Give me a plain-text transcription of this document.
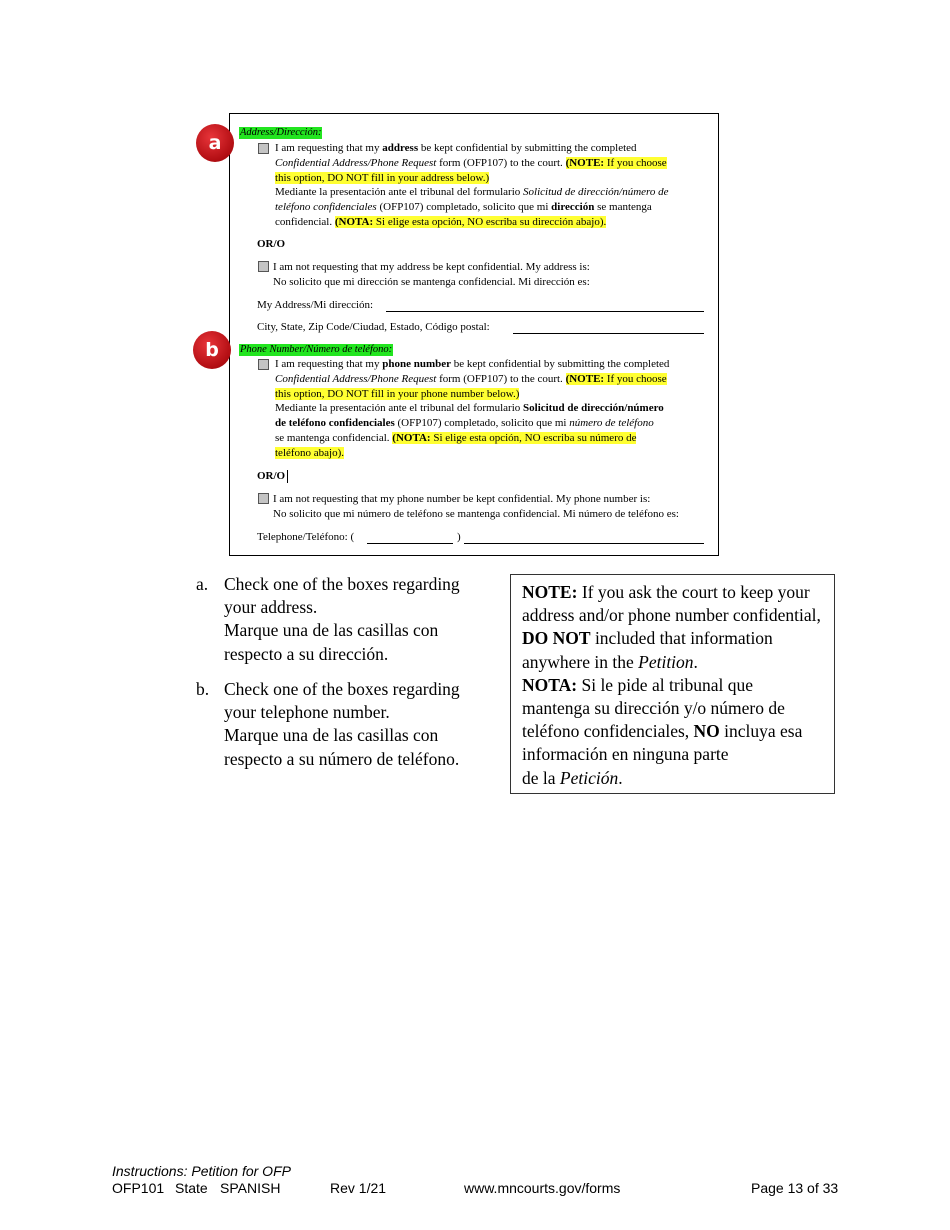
a Address/Dirección:
I am requesting that my address be kept confidential by submitting the completed
Confidential Address/Phone Request form (OFP107) to the court. (NOTE: If you choose
this option, DO NOT fill in your address below.)
Mediante la presentación ante el tribunal del formulario Solicitud de dirección/número de
teléfono confidenciales (OFP107) completado, solicito que mi dirección se mantenga
confidencial. (NOTA: Si elige esta opción, NO escriba su dirección abajo).
OR/O
I am not requesting that my address be kept confidential. My address is:
No solicito que mi dirección se mantenga confidencial. Mi dirección es:
My Address/Mi dirección:
City, State, Zip Code/Ciudad, Estado, Código postal:
b Phone Number/Número de teléfono:
I am requesting that my phone number be kept confidential by submitting the completed
Confidential Address/Phone Request form (OFP107) to the court. (NOTE: If you choose
this option, DO NOT fill in your phone number below.)
Mediante la presentación ante el tribunal del formulario Solicitud de dirección/número
de teléfono confidenciales (OFP107) completado, solicito que mi número de teléfono
se mantenga confidencial. (NOTA: Si elige esta opción, NO escriba su número de
teléfono abajo).
OR/O
I am not requesting that my phone number be kept confidential. My phone number is:
No solicito que mi número de teléfono se mantenga confidencial. Mi número de teléfono es:
Telephone/Teléfono: (	)
a. Check one of the boxes regarding
your address.
Marque una de las casillas con
respecto a su dirección.
b. Check one of the boxes regarding
your telephone number.
Marque una de las casillas con
respecto a su número de teléfono.
NOTE: If you ask the court to keep your address and/or phone number confidential, DO NOT included that information anywhere in the Petition.
NOTA: Si le pide al tribunal que mantenga su dirección y/o número de teléfono confidenciales, NO incluya esa información en ninguna parte
de la Petición.
Instructions: Petition for OFP
OFP101 State SPANISH	Rev 1/21	www.mncourts.gov/forms	Page 13 of 33
